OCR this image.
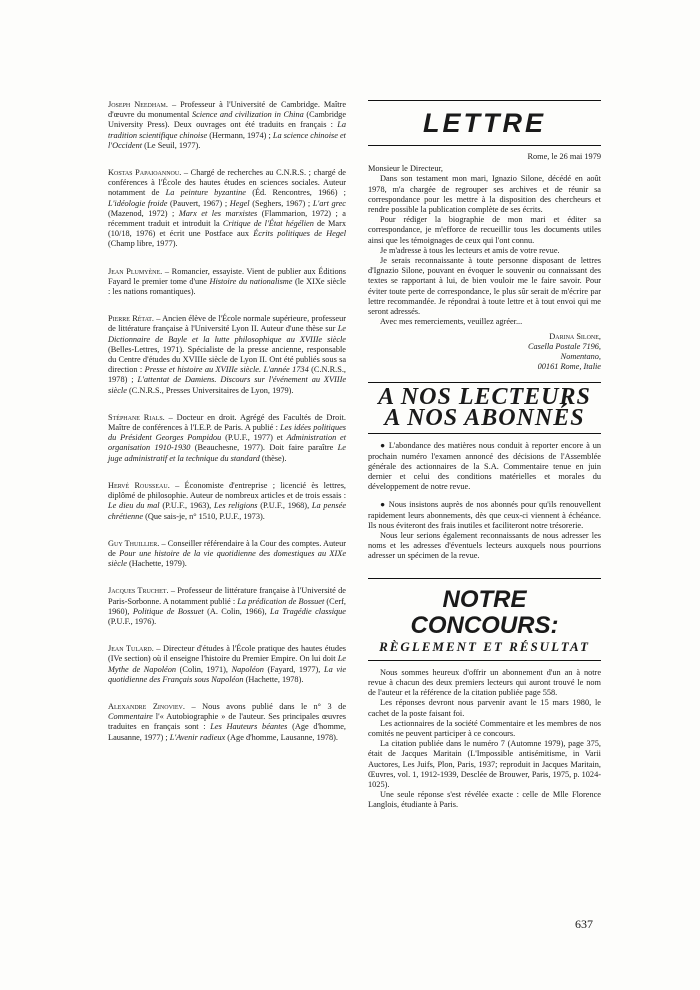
Joseph Needham. – Professeur à l'Université de Cambridge. Maître d'œuvre du monumental Science and civilization in China (Cambridge University Press). Deux ouvrages ont été traduits en français : La tradition scientifique chinoise (Hermann, 1974) ; La science chinoise et l'Occident (Le Seuil, 1977).

Kostas Papaioannou. – Chargé de recherches au C.N.R.S. ; chargé de conférences à l'École des hautes études en sciences sociales. Auteur notamment de La peinture byzantine (Éd. Rencontres, 1966) ; L'idéologie froide (Pauvert, 1967) ; Hegel (Seghers, 1967) ; L'art grec (Mazenod, 1972) ; Marx et les marxistes (Flammarion, 1972) ; a récemment traduit et introduit la Critique de l'État hégélien de Marx (10/18, 1976) et écrit une Postface aux Écrits politiques de Hegel (Champ libre, 1977).

Jean Plumyène. – Romancier, essayiste. Vient de publier aux Éditions Fayard le premier tome d'une Histoire du nationalisme (le XIXe siècle : les nations romantiques).

Pierre Rétat. – Ancien élève de l'École normale supérieure, professeur de littérature française à l'Université Lyon II. Auteur d'une thèse sur Le Dictionnaire de Bayle et la lutte philosophique au XVIIIe siècle (Belles-Lettres, 1971). Spécialiste de la presse ancienne, responsable du Centre d'études du XVIIIe siècle de Lyon II. Ont été publiés sous sa direction : Presse et histoire au XVIIIe siècle. L'année 1734 (C.N.R.S., 1978) ; L'attentat de Damiens. Discours sur l'événement au XVIIIe siècle (C.N.R.S., Presses Universitaires de Lyon, 1979).

Stéphane Rials. – Docteur en droit. Agrégé des Facultés de Droit. Maître de conférences à l'I.E.P. de Paris. A publié : Les idées politiques du Président Georges Pompidou (P.U.F., 1977) et Administration et organisation 1910-1930 (Beauchesne, 1977). Doit faire paraître Le juge administratif et la technique du standard (thèse).

Hervé Rousseau. – Économiste d'entreprise ; licencié ès lettres, diplômé de philosophie. Auteur de nombreux articles et de trois essais : Le dieu du mal (P.U.F., 1963), Les religions (P.U.F., 1968), La pensée chrétienne (Que sais-je, n° 1510, P.U.F., 1973).

Guy Thuillier. – Conseiller référendaire à la Cour des comptes. Auteur de Pour une histoire de la vie quotidienne des domestiques au XIXe siècle (Hachette, 1979).

Jacques Truchet. – Professeur de littérature française à l'Université de Paris-Sorbonne. A notamment publié : La prédication de Bossuet (Cerf, 1960), Politique de Bossuet (A. Colin, 1966), La Tragédie classique (P.U.F., 1976).

Jean Tulard. – Directeur d'études à l'École pratique des hautes études (IVe section) où il enseigne l'histoire du Premier Empire. On lui doit Le Mythe de Napoléon (Colin, 1971), Napoléon (Fayard, 1977), La vie quotidienne des Français sous Napoléon (Hachette, 1978).

Alexandre Zinoviev. – Nous avons publié dans le n° 3 de Commentaire l'« Autobiographie » de l'auteur. Ses principales œuvres traduites en français sont : Les Hauteurs béantes (Age d'homme, Lausanne, 1977) ; L'Avenir radieux (Age d'homme, Lausanne, 1978).

LETTRE
Rome, le 26 mai 1979
Monsieur le Directeur,

Dans son testament mon mari, Ignazio Silone, décédé en août 1978, m'a chargée de regrouper ses archives et de réunir sa correspondance pour les mettre à la disposition des chercheurs et rendre possible la publication complète de ses écrits.

Pour rédiger la biographie de mon mari et éditer sa correspondance, je m'efforce de recueillir tous les documents utiles ainsi que les témoignages de ceux qui l'ont connu.

Je m'adresse à tous les lecteurs et amis de votre revue.

Je serais reconnaissante à toute personne disposant de lettres d'Ignazio Silone, pouvant en évoquer le souvenir ou connaissant des textes se rapportant à lui, de bien vouloir me le faire savoir. Pour éviter toute perte de correspondance, le plus sûr serait de m'écrire par lettre recommandée. Je répondrai à toute lettre et à tout envoi qui me seront adressés.

Avec mes remerciements, veuillez agréer...

Darina Silone,
Casella Postale 7196,
Nomentano,
00161 Rome, Italie
A NOS LECTEURS
A NOS ABONNÉS

● L'abondance des matières nous conduit à reporter encore à un prochain numéro l'examen annoncé des décisions de l'Assemblée générale des actionnaires de la S.A. Commentaire tenue en juin dernier et celui des conditions matérielles et morales du développement de notre revue.

● Nous insistons auprès de nos abonnés pour qu'ils renouvellent rapidement leurs abonnements, dès que ceux-ci viennent à échéance. Ils nous éviteront des frais inutiles et faciliteront notre trésorerie.

Nous leur serions également reconnaissants de nous adresser les noms et les adresses d'éventuels lecteurs auxquels nous pourrions adresser un spécimen de la revue.

NOTRE CONCOURS:
RÈGLEMENT ET RÉSULTAT

Nous sommes heureux d'offrir un abonnement d'un an à notre revue à chacun des deux premiers lecteurs qui auront trouvé le nom de l'auteur et la référence de la citation publiée page 558.

Les réponses devront nous parvenir avant le 15 mars 1980, le cachet de la poste faisant foi.

Les actionnaires de la société Commentaire et les membres de nos comités ne peuvent participer à ce concours.

La citation publiée dans le numéro 7 (Automne 1979), page 375, était de Jacques Maritain (L'Impossible antisémitisme, in Varii Auctores, Les Juifs, Plon, Paris, 1937; reproduit in Jacques Maritain, Œuvres, vol. 1, 1912-1939, Desclée de Brouwer, Paris, 1975, p. 1024-1025).

Une seule réponse s'est révélée exacte : celle de Mlle Florence Langlois, étudiante à Paris.

637
